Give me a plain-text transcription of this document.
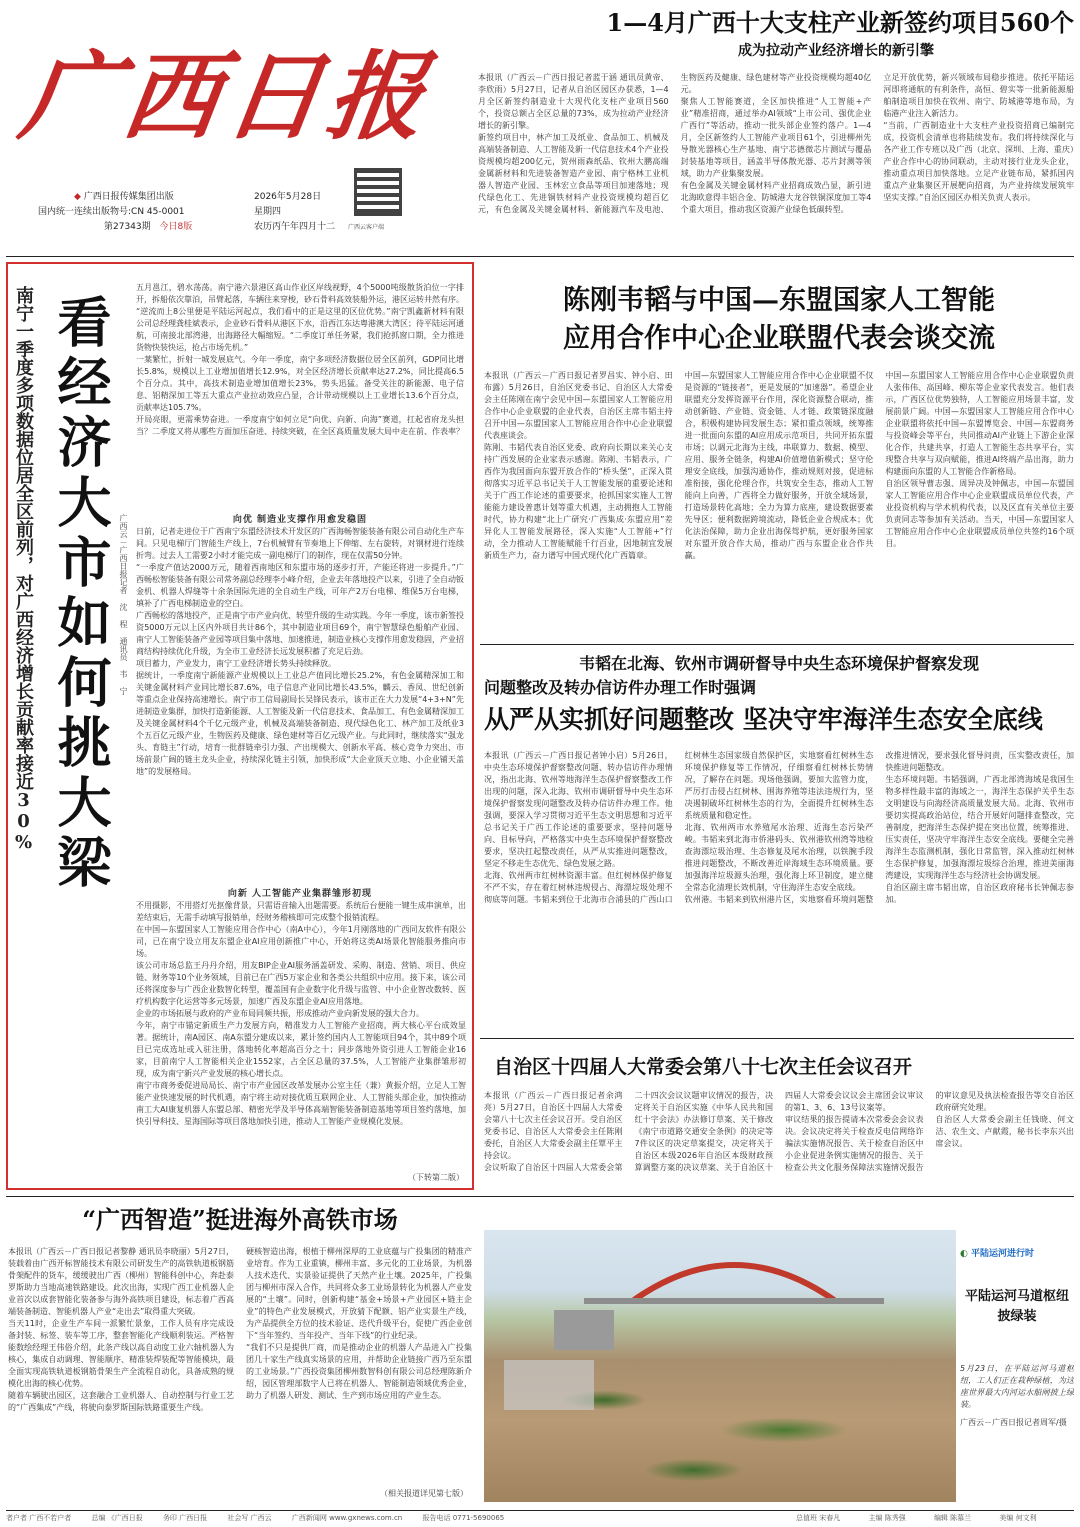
广西日报
广西云客户端
◆ 广西日报传媒集团出版	2026年5月28日
国内统一连续出版物号:CN 45-0001	星期四
第27343期 今日8版	农历丙午年四月十二
1—4月广西十大支柱产业新签约项目560个
成为拉动产业经济增长的新引擎
本报讯（广西云－广西日报记者蓝于涵 通讯员黄帝、李欣雨）5月27日，记者从自治区园区办获悉，1—4月全区新签约制造业十大现代化支柱产业项目560个，投资总额占全区总量的73%，成为拉动产业经济增长的新引擎。
新签约项目中，林产加工及纸业、食品加工、机械及高端装备制造、人工智能及新一代信息技术4个产业投资规模均超200亿元，贺州雨森纸品、钦州大鹏高端金属新材料和先进装备智造产业园、南宁格林工业机器人智造产业园、玉林宏立食品等项目加速落地；现代绿色化工、先进铜铁材料产业投资规模均超百亿元，有色金属及关键金属材料、新能源汽车及电池、生物医药及健康、绿色建材等产业投资规模均超40亿元。
聚焦人工智能赛道，全区加快推进“人工智能+产业”精准招商，通过举办AI领域“上市公司、强优企业广西行”等活动，推动一批头部企业签约落户。1—4月，全区新签约人工智能产业项目61个，引进柳州先导散光器核心生产基地、南宁芯德微芯片测试与覆晶封装基地等项目，涵盖半导体散光器、芯片封测等领域，助力产业集聚发展。
有色金属及关键金属材料产业招商成效凸显，新引进北海欧意得丰铝合金、防城港大龙谷铁铜深度加工等4个重大项目，推动我区资源产业绿色低碳转型。
立足开放优势，新兴领域布局稳步推进。依托平陆运河即将通航的有利条件，高恒、碧实等一批新能源船舶制造项目加快在钦州、南宁、防城港等地布局，为临港产业注入新活力。
“当前，广西制造业十大支柱产业投资招商已编制完成，投资机会清单也将陆续发布。我们将持续深化与各产业工作专班以及广西（北京、深圳、上海、重庆）产业合作中心的协同联动，主动对接行业龙头企业，推动重点项目加快落地。立足产业链布局，紧抓国内重点产业集聚区开展靶向招商，为产业持续发展筑牢坚实支撑。”自治区园区办相关负责人表示。
南宁一季度多项数据位居全区前列，对广西经济增长贡献率接近30% 看经济大市如何挑大梁 广西云－广西日报记者 沈 程 通讯员 韦 宁
五月邕江，碧水荡荡。南宁港六景港区高山作业区岸线视野，4个5000吨级散货泊位一字排开，拆船依次靠泊，吊臂起落，车辆往来穿梭，砂石骨料高效装船外运，港区运转井然有序。
“逆流而上8公里便是平陆运河起点，我们看中的正是这里的区位优势。”南宁凯鑫新材料有限公司总经理龚桂斌表示，企业砂石骨料从港区下水，沿西江东达粤港澳大湾区；待平陆运河通航，可南接北部湾港，出海路径大幅缩短。“二季度订单任务紧，我们抢抓窗口期，全力推进货物快装快运，抢占市场先机。”
一葉繁忙，折射一城发展底气。今年一季度，南宁多项经济数据位居全区前列，GDP同比增长5.8%，规模以上工业增加值增长12.9%，对全区经济增长贡献率达27.2%，同比提高6.5个百分点。其中，高技术制造业增加值增长23%，势头迅猛。备受关注的新能源、电子信息、铝精深加工等五大重点产业拉动效应凸显，合计带动规模以上工业增长13.6个百分点，贡献率达105.7%。
开局亮眼，更需乘势奋进。一季度南宁如何立足“向优、向新、向海”赛道，扛起省府龙头担当？二季度又将从哪些方面加压奋进、持续突破，在全区高质量发展大局中走在前、作表率？
向优 制造业支撑作用愈发稳固
日前，记者走进位于广西南宁东盟经济技术开发区的广西海畅智能装备有限公司自动化生产车间。只见电梯厅门智能生产线上，7台机械臂有节奏地上下伸缩、左右旋转，对钢材进行连续折弯。过去人工需要2小时才能完成一副电梯厅门的制作，现在仅需50分钟。
“一季度产值达2000万元，随着西南地区和东盟市场的逐步打开，产能还将进一步提升。”广西畅松智能装备有限公司常务副总经理李小峰介绍，企业去年落地投产以来，引进了全自动钣金机、机器人焊缝等十余条国际先进的全自动生产线，可年产2万台电梯、维保5万台电梯，填补了广西电梯制造业的空白。
广西畅松的落地投产，正是南宁市产业向优、转型升级的生动实践。今年一季度，该市新签投资5000万元以上区内外项目共计86个，其中制造业项目69个，南宁智慧绿色船舶产业园、南宁人工智能装备产业园等项目集中落地、加速推进，制造业核心支撑作用愈发稳固，产业招商结构持续优化升级，为全市工业经济长远发展积蓄了充足后劲。
项目蓄力，产业发力，南宁工业经济增长势头持续释放。
据统计，一季度南宁新能源产业规模以上工业总产值同比增长25.2%，有色金属精深加工和关键金属材料产业同比增长87.6%，电子信息产业同比增长43.5%，麟云、香凤、世纪创新等重点企业保持高速增长。南宁市工信局副局长吴锋民表示，该市正在大力发展“4+3+N”先进制造业集群，加快打造新能源、人工智能及新一代信息技术、食品加工、有色金属精深加工及关键金属材料4个千亿元级产业，机械及高端装备制造、现代绿色化工、林产加工及纸业3个五百亿元级产业，生物医药及健康、绿色建材等百亿元级产业。与此同时，继续落实“强龙头、育链主”行动，培育一批群链牵引力强、产出规模大、创新水平高、核心竞争力突出、市场前景广阔的链主龙头企业，持续深化链主引领，加快形成“大企业顶天立地、小企业铺天盖地”的发展格局。
向新 人工智能产业集群雏形初现
不用摄影，不用搭灯光抠像背景，只需语音输入出题需要。系统后台便能一键生成串演单，出差结束后，无需手动填写报销单，经财务稽核即可完成整个报销流程。
在中国—东盟国家人工智能应用合作中心（南A中心），今年1月刚落地的广西同友软件有限公司，已在南宁设立用友东盟企业AI应用创新推广中心，开始将这类AI场景化智能服务推向市场。
该公司市场总监王丹丹介绍，用友BIP企业AI服务涵盖研发、采购、制造、营销、项目、供应链、财务等10个业务领域，目前已在广西5万家企业和各类公共组织中应用。接下来，该公司还将深度参与广西企业数智化转型，覆盖国有企业数字化升级与监管、中小企业智改数转、医疗机构数字化运营等多元场景，加速广西及东盟企业AI应用落地。
企业的市场拓展与政府的产业布局同频共振，形成推动产业向新发展的强大合力。
今年，南宁市锚定新质生产力发展方向，精准发力人工智能产业招商，两大核心平台成效显著。据统计，南A园区、南A东盟分建成以来，累计签约国内人工智能项目94个，其中89个项目已完成选址或入驻注册，落地转化率超高百分之十；同步落地外资引进人工智能企业16家，目前南宁人工智能相关企业1552家，占全区总量的37.5%，人工智能产业集群雏形初现，成为南宁新兴产业发展的核心增长点。
南宁市商务委促进局局长、南宁市产业园区改革发展办公室主任（兼）黄振介绍，立足人工智能产业快速发展的时代机遇，南宁将主动对接优质互联网企业、人工智能头部企业，加快推动南工大AI康复机器人东盟总部、精密光学及半导体高端智能装备制造基地等项目签约落地，加快引导科技、星海国际等项目落地加快引进，推动人工智能产业规模化发展。
（下转第二版）
陈刚韦韬与中国—东盟国家人工智能
应用合作中心企业联盟代表会谈交流
本报讯（广西云－广西日报记者罗昌实、钟小启、田布露）5月26日，自治区党委书记、自治区人大常委会主任陈刚在南宁会见中国—东盟国家人工智能应用合作中心企业联盟的企业代表，自治区主席韦韬主持召开中国—东盟国家人工智能应用合作中心企业联盟代表座谈会。
陈刚、韦韬代表自治区党委、政府向长期以来关心支持广西发展的企业家表示感谢。陈刚、韦韬表示，广西作为我国面向东盟开放合作的“桥头堡”，正深入贯彻落实习近平总书记关于人工智能发展的重要论述和关于广西工作论述的重要要求，抢抓国家实施人工智能能力建设普惠计划等重大机遇，主动拥抱人工智能时代，协力构建“北上广研究·广西集成·东盟应用”差异化人工智能发展路径，深入实施“人工智能+”行动，全力推动人工智能赋能千行百业，因地制宜发展新质生产力，奋力谱写中国式现代化广西篇章。
中国—东盟国家人工智能应用合作中心企业联盟不仅是资源的“链接者”，更是发展的“加速器”。希望企业联盟充分发挥资源平台作用，深化资源整合联动，推动创新链、产业链、资金链、人才链、政策链深度融合，积极构建协同发展生态；紧扣重点领域，统筹推进一批面向东盟的AI应用成示范项目，共同开拓东盟市场；以调元北海为主线，串联算力、数据、模型、应用、服务全链条，构建AI价值增值新模式；坚守伦理安全底线，加强沟通协作，推动规则对接，促进标准衔接，强化伦理合作，共筑安全生态，推动人工智能向上向善，广西将全力做好服务，开放全域场景，打造场景转化高地；全力为算力底座，建设数据要素先导区；便利数据跨境流动，降低企业合规成本；优化法治保障，助力企业出海保驾护航，更好服务国家对东盟开放合作大局，推动广西与东盟企业合作共赢。
中国—东盟国家人工智能应用合作中心企业联盟负责人张伟伟、高国峰、柳东等企业家代表发言。他们表示，广西区位优势独特，人工智能应用场景丰富，发展前景广阔。中国—东盟国家人工智能应用合作中心企业联盟将依托中国—东盟博览会、中国—东盟商务与投资峰会等平台，共同推动AI产业链上下游企业深化合作，共建共享，打造人工智能生态共享平台，实现整合共享与双向赋能，推进AI终端产品出海，助力构建面向东盟的人工智能合作新格局。
自治区领导曹志强、周异决及钟佩志，中国—东盟国家人工智能应用合作中心企业联盟成员单位代表，产业投资机构与学术机构代表，以及区直有关单位主要负责同志等参加有关活动。当天，中国—东盟国家人工智能应用合作中心企业联盟成员单位共签约16个项目。
韦韬在北海、钦州市调研督导中央生态环境保护督察发现
问题整改及转办信访件办理工作时强调
从严从实抓好问题整改 坚决守牢海洋生态安全底线
本报讯（广西云－广西日报记者钟小启）5月26日，中央生态环境保护督察整改问题、转办信访件办理情况，指出北海、钦州等地海洋生态保护督察整改工作出现的问题，深入北海、钦州市调研督导中央生态环境保护督察发现问题整改及转办信访件办理工作。他强调，要深入学习贯彻习近平生态文明思想和习近平总书记关于广西工作论述的重要要求，坚持问题导向、目标导向，严格落实中央生态环境保护督察整改要求，坚决扛起整改责任，从严从实推进问题整改，坚定不移走生态优先、绿色发展之路。
北海、钦州两市红树林资源丰富。但红树林保护修复不严不实，存在着红树林违规侵占、海漂垃圾处理不彻底等问题。韦韬来到位于北海市合浦县的广西山口红树林生态国家级自然保护区，实地察看红树林生态环境保护修复等工作情况，仔细察看红树林长势情况，了解存在问题。现场他强调，要加大监管力度，严厉打击侵占红树林、围海养殖等违法违规行为，坚决遏制破坏红树林生态的行为，全面提升红树林生态系统质量和稳定性。
北海、钦州两市水养殖尾水治理、近海生态污染严峻。韦韬来到北海市侨港码头、钦州港钦州湾等地检查海漂垃圾治理、生态修复及尾水治理，以铁腕手段推进问题整改，不断改善近岸海域生态环境质量。要加强海洋垃圾源头治理，强化海上环卫制度，建立健全常态化清理长效机制，守住海洋生态安全底线。
钦州港。韦韬来到钦州港片区，实地察看环境问题整改推进情况，要求强化督导问责，压实整改责任，加快推进问题整改。
生态环境问题。韦韬强调，广西北部湾海域是我国生物多样性最丰富的海域之一，海洋生态保护关乎生态文明建设与向海经济高质量发展大局。北海、钦州市要切实提高政治站位，结合开展好问题排查整改，完善制度，把海洋生态保护提在突出位置，统筹推进、压实责任，坚决守牢海洋生态安全底线。要健全完善海洋生态监测机制，强化日常监管，深入推动红树林生态保护修复，加强海漂垃圾综合治理，推进美丽海湾建设，实现海洋生态与经济社会协调发展。
自治区副主席韦韬出席，自治区政府秘书长钟佩志参加。
自治区十四届人大常委会第八十七次主任会议召开
本报讯（广西云－广西日报记者余鸿亮）5月27日，自治区十四届人大常委会第八十七次主任会议召开。受自治区党委书记、自治区人大常委会主任陈刚委托，自治区人大常委会副主任覃平主持会议。
会议听取了自治区十四届人大常委会第二十四次会议议题审议情况的报告，决定将关于自治区实施《中华人民共和国红十字会法》办法修订草案、关于修改《南宁市道路交通安全条例》的决定等7件议区的决定草案提交，决定将关于自治区本级2026年自治区本级财政预算调整方案的决议草案、关于自治区十四届人大常委会议议会主席团会议审议的第1、3、6、13号议案等。
审议结果的报告提请本次常委会会议表决。会议决定将关于检查反电信网络诈骗法实施情况报告、关于检查自治区中小企业促进条例实施情况的报告、关于检查公共文化服务保障法实施情况报告的审议意见及执法检查报告等交自治区政府研究处理。
自治区人大常委会副主任钱晓、何文洁、农生文、卢献霞，秘书长李东兴出席会议。
“广西智造”挺进海外高铁市场
本报讯（广西云－广西日报记者黎静 通讯员李晓丽）5月27日，装载着由广西开标智能技术有限公司研发生产的高铁轨道板钢筋骨架配件的货车，缓缓驶出广西（柳州）智能科创中心，奔赴泰罗斯助力当地高速铁路建设。此次出海，实现广西工业机器人企业首次以成套智能化装备参与海外高铁项目建设，标志着广西高端装备制造、智能机器人产业“走出去”取得重大突破。
当天11时，企业生产车间一派繁忙景象，工作人员有序完成设备封装、标签、装车等工序，整套智能化产线顺利装运。严格智能数绘经理王伟俗介绍，此条产线以高自动度工业六轴机器人为核心，集成自动调理、智能顺序、精准装焊装配等智能模块，最全面实现高铁轨道板钢筋骨架生产全流程自动化，具备成熟的规模化出海的核心优势。
随着车辆驶出园区，这套融合工业机器人、自动控制与行业工艺的“广西集成”产线，将驶向泰罗斯国际铁路重要生产线。
硬核智造出海，根植于柳州深厚的工业底蕴与广投集团的精准产业培育。作为工业重镇，柳州丰富、多元化的工业场景，为机器人技术迭代、实景验证提供了天然产业土壤。2025年，广投集团与柳州市深入合作，共同将众多工业场景转化为机器人产业发展的“土壤”。同时，创新构建“基金+场景+产业园区+链主企业”的特色产业发展模式，开放猜下配额、铝产业实景生产线，为产品提供全方位的技术验证、迭代升级平台，促使广西企业创下“当年签约、当年投产、当年下线”的行业纪录。
“我们不只是提供厂商，而是推动企业的机器人产品进入广投集团几十家生产线真实场景的应用，并帮助企业链接广西乃至东盟的工业场景。”广西投资集团柳州数智科创有限公司总经理陈新介绍，园区管理部数字人已将在机器人、智能制造领域优秀企业，助力了机器人研发、测试、生产到市场应用的产业生态。
（相关报道详见第七版）
◐ 平陆运河进行时
平陆运河马道枢纽披绿装
5月23日，在平陆运河马道枢纽，工人们正在栽种绿植，为这座世界最大内河运水船闸披上绿装。
广西云－广西日报记者周军/摄
者户者 广西不若户者	总编 《广西日报	务印 广西日报	社会写 广西云	广西新闻网 www.gxnews.com.cn	报告电话 0771-5690065	总值班 宋春凡	主编 陈秀强	编辑 陈慕兰	美编 何文利
